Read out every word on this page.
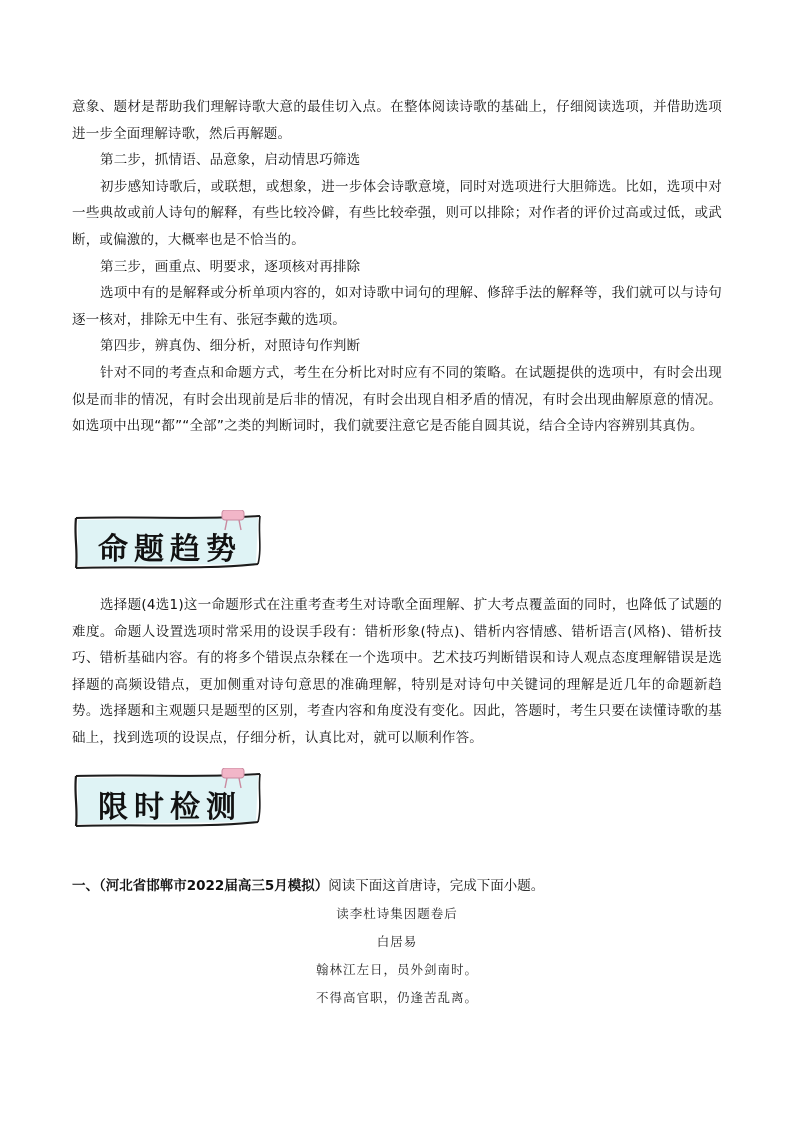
意象、题材是帮助我们理解诗歌大意的最佳切入点。在整体阅读诗歌的基础上，仔细阅读选项，并借助选项进一步全面理解诗歌，然后再解题。

第二步，抓情语、品意象，启动情思巧筛选

初步感知诗歌后，或联想，或想象，进一步体会诗歌意境，同时对选项进行大胆筛选。比如，选项中对一些典故或前人诗句的解释，有些比较冷僻，有些比较牵强，则可以排除；对作者的评价过高或过低，或武断，或偏激的，大概率也是不恰当的。

第三步，画重点、明要求，逐项核对再排除

选项中有的是解释或分析单项内容的，如对诗歌中词句的理解、修辞手法的解释等，我们就可以与诗句逐一核对，排除无中生有、张冠李戴的选项。

第四步，辨真伪、细分析，对照诗句作判断

针对不同的考查点和命题方式，考生在分析比对时应有不同的策略。在试题提供的选项中，有时会出现似是而非的情况，有时会出现前是后非的情况，有时会出现自相矛盾的情况，有时会出现曲解原意的情况。如选项中出现“都”“全部”之类的判断词时，我们就要注意它是否能自圆其说，结合全诗内容辨别其真伪。

命题趋势

选择题(4选1)这一命题形式在注重考查考生对诗歌全面理解、扩大考点覆盖面的同时，也降低了试题的难度。命题人设置选项时常采用的设误手段有：错析形象(特点)、错析内容情感、错析语言(风格)、错析技巧、错析基础内容。有的将多个错误点杂糅在一个选项中。艺术技巧判断错误和诗人观点态度理解错误是选择题的高频设错点，更加侧重对诗句意思的准确理解，特别是对诗句中关键词的理解是近几年的命题新趋势。选择题和主观题只是题型的区别，考查内容和角度没有变化。因此，答题时，考生只要在读懂诗歌的基础上，找到选项的设误点，仔细分析，认真比对，就可以顺利作答。

限时检测
一、（河北省邯郸市2022届高三5月模拟）阅读下面这首唐诗，完成下面小题。
读李杜诗集因题卷后
白居易
翰林江左日，员外剑南时。
不得高官职，仍逢苦乱离。
